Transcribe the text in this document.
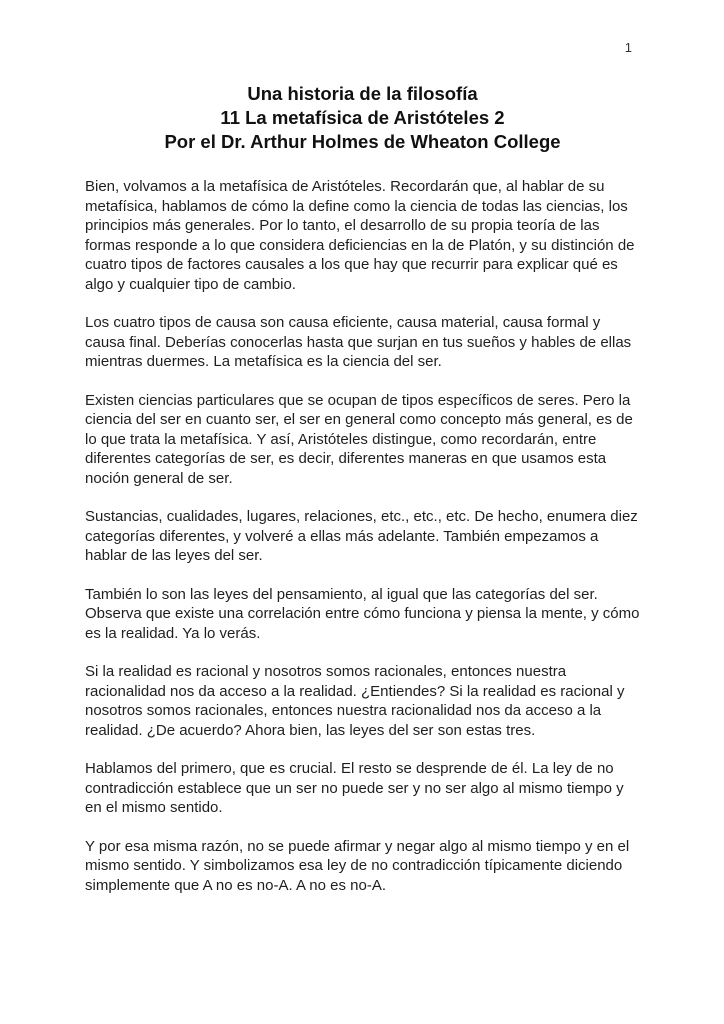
1
Una historia de la filosofía
11 La metafísica de Aristóteles 2
Por el Dr. Arthur Holmes de Wheaton College

Bien, volvamos a la metafísica de Aristóteles. Recordarán que, al hablar de su metafísica, hablamos de cómo la define como la ciencia de todas las ciencias, los principios más generales. Por lo tanto, el desarrollo de su propia teoría de las formas responde a lo que considera deficiencias en la de Platón, y su distinción de cuatro tipos de factores causales a los que hay que recurrir para explicar qué es algo y cualquier tipo de cambio.

Los cuatro tipos de causa son causa eficiente, causa material, causa formal y causa final. Deberías conocerlas hasta que surjan en tus sueños y hables de ellas mientras duermes. La metafísica es la ciencia del ser.

Existen ciencias particulares que se ocupan de tipos específicos de seres. Pero la ciencia del ser en cuanto ser, el ser en general como concepto más general, es de lo que trata la metafísica. Y así, Aristóteles distingue, como recordarán, entre diferentes categorías de ser, es decir, diferentes maneras en que usamos esta noción general de ser.

Sustancias, cualidades, lugares, relaciones, etc., etc., etc. De hecho, enumera diez categorías diferentes, y volveré a ellas más adelante. También empezamos a hablar de las leyes del ser.

También lo son las leyes del pensamiento, al igual que las categorías del ser. Observa que existe una correlación entre cómo funciona y piensa la mente, y cómo es la realidad. Ya lo verás.

Si la realidad es racional y nosotros somos racionales, entonces nuestra racionalidad nos da acceso a la realidad. ¿Entiendes? Si la realidad es racional y nosotros somos racionales, entonces nuestra racionalidad nos da acceso a la realidad. ¿De acuerdo? Ahora bien, las leyes del ser son estas tres.

Hablamos del primero, que es crucial. El resto se desprende de él. La ley de no contradicción establece que un ser no puede ser y no ser algo al mismo tiempo y en el mismo sentido.

Y por esa misma razón, no se puede afirmar y negar algo al mismo tiempo y en el mismo sentido. Y simbolizamos esa ley de no contradicción típicamente diciendo simplemente que A no es no-A. A no es no-A.
